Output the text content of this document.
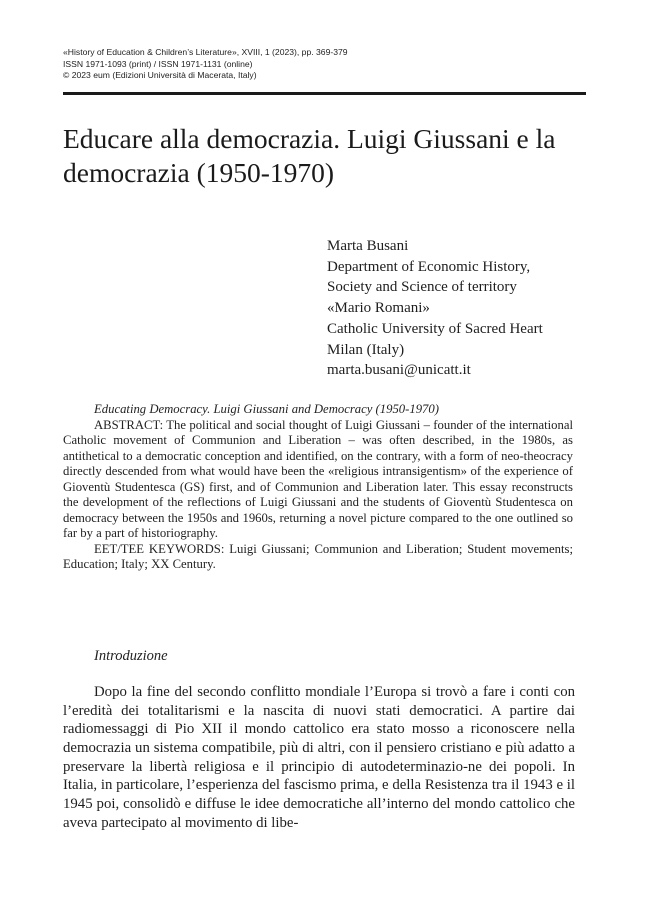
«History of Education & Children’s Literature», XVIII, 1 (2023), pp. 369-379
ISSN 1971-1093 (print) / ISSN 1971-1131 (online)
© 2023 eum (Edizioni Università di Macerata, Italy)
Educare alla democrazia. Luigi Giussani e la democrazia (1950-1970)
Marta Busani
Department of Economic History,
Society and Science of territory
«Mario Romani»
Catholic University of Sacred Heart
Milan (Italy)
marta.busani@unicatt.it

Educating Democracy. Luigi Giussani and Democracy (1950-1970)

ABSTRACT: The political and social thought of Luigi Giussani – founder of the international Catholic movement of Communion and Liberation – was often described, in the 1980s, as antithetical to a democratic conception and identified, on the contrary, with a form of neo-theocracy directly descended from what would have been the «religious intransigentism» of the experience of Gioventù Studentesca (GS) first, and of Communion and Liberation later. This essay reconstructs the development of the reflections of Luigi Giussani and the students of Gioventù Studentesca on democracy between the 1950s and 1960s, returning a novel picture compared to the one outlined so far by a part of historiography.

EET/TEE KEYWORDS: Luigi Giussani; Communion and Liberation; Student movements; Education; Italy; XX Century.

Introduzione

Dopo la fine del secondo conflitto mondiale l’Europa si trovò a fare i conti con l’eredità dei totalitarismi e la nascita di nuovi stati democratici. A partire dai radiomessaggi di Pio XII il mondo cattolico era stato mosso a riconoscere nella democrazia un sistema compatibile, più di altri, con il pensiero cristiano e più adatto a preservare la libertà religiosa e il principio di autodeterminazio-ne dei popoli. In Italia, in particolare, l’esperienza del fascismo prima, e della Resistenza tra il 1943 e il 1945 poi, consolidò e diffuse le idee democratiche all’interno del mondo cattolico che aveva partecipato al movimento di libe-
